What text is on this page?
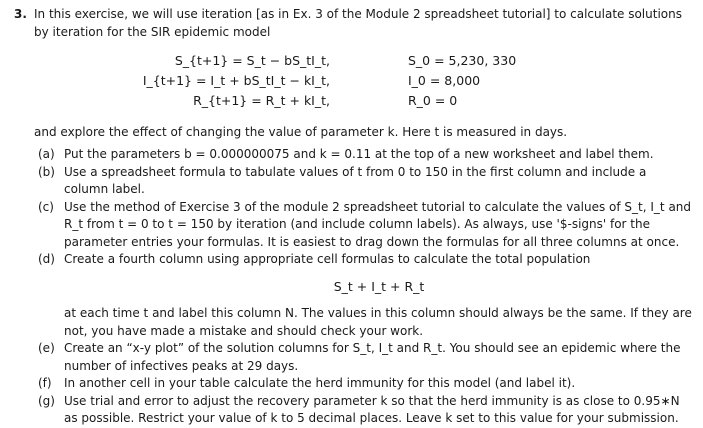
3. In this exercise, we will use iteration [as in Ex. 3 of the Module 2 spreadsheet tutorial] to calculate solutions by iteration for the SIR epidemic model
S_{t+1} = S_t − bS_tI_t,
I_{t+1} = I_t + bS_tI_t − kI_t,
R_{t+1} = R_t + kI_t,
S_0 = 5,230, 330
I_0 = 8,000
R_0 = 0
and explore the effect of changing the value of parameter k. Here t is measured in days.
(a) Put the parameters b = 0.000000075 and k = 0.11 at the top of a new worksheet and label them.
(b) Use a spreadsheet formula to tabulate values of t from 0 to 150 in the first column and include a column label.
(c) Use the method of Exercise 3 of the module 2 spreadsheet tutorial to calculate the values of S_t, I_t and R_t from t = 0 to t = 150 by iteration (and include column labels). As always, use '$-signs' for the parameter entries your formulas. It is easiest to drag down the formulas for all three columns at once.
(d) Create a fourth column using appropriate cell formulas to calculate the total population
S_t + I_t + R_t
at each time t and label this column N. The values in this column should always be the same. If they are not, you have made a mistake and should check your work.
(e) Create an “x-y plot” of the solution columns for S_t, I_t and R_t. You should see an epidemic where the number of infectives peaks at 29 days.
(f) In another cell in your table calculate the herd immunity for this model (and label it).
(g) Use trial and error to adjust the recovery parameter k so that the herd immunity is as close to 0.95∗N as possible. Restrict your value of k to 5 decimal places. Leave k set to this value for your submission.
